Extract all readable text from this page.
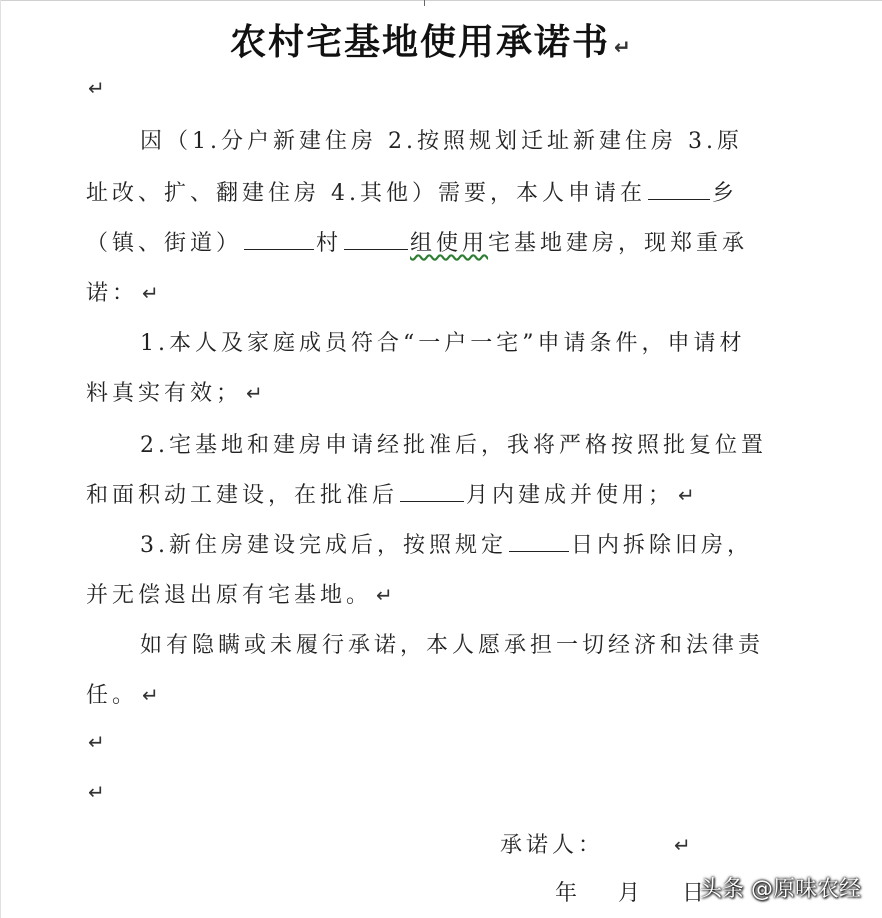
农村宅基地使用承诺书 ↵
↵
因（1.分户新建住房 2.按照规划迁址新建住房 3.原
址改、扩、翻建住房 4.其他）需要，本人申请在	乡
（镇、街道）	村	组使用宅基地建房，现郑重承
诺： ↵
1.本人及家庭成员符合“一户一宅”申请条件，申请材
料真实有效； ↵
2.宅基地和建房申请经批准后，我将严格按照批复位置
和面积动工建设，在批准后	月内建成并使用； ↵
3.新住房建设完成后，按照规定	日内拆除旧房，
并无偿退出原有宅基地。 ↵
如有隐瞒或未履行承诺，本人愿承担一切经济和法律责
任。 ↵
↵
↵
承诺人：	↵
年 月 日
头条 @原味农经
